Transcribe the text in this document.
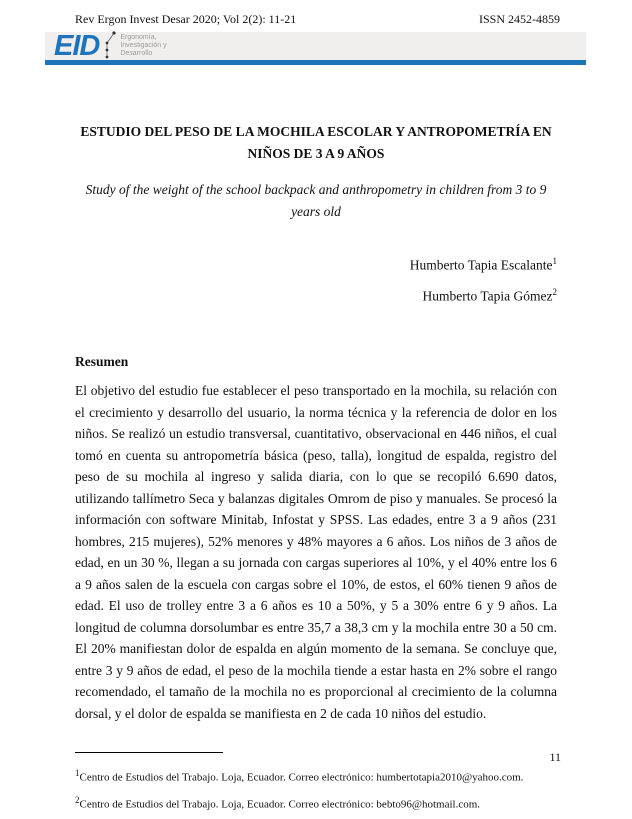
Rev Ergon Invest Desar 2020; Vol 2(2): 11-21	ISSN 2452-4859
EID	Ergonomía,
Investigación y
Desarrollo
ESTUDIO DEL PESO DE LA MOCHILA ESCOLAR Y ANTROPOMETRÍA EN NIÑOS DE 3 A 9 AÑOS
Study of the weight of the school backpack and anthropometry in children from 3 to 9 years old
Humberto Tapia Escalante$^1$
Humberto Tapia Gómez$^2$
Resumen
El objetivo del estudio fue establecer el peso transportado en la mochila, su relación con el crecimiento y desarrollo del usuario, la norma técnica y la referencia de dolor en los niños. Se realizó un estudio transversal, cuantitativo, observacional en 446 niños, el cual tomó en cuenta su antropometría básica (peso, talla), longitud de espalda, registro del peso de su mochila al ingreso y salida diaria, con lo que se recopiló 6.690 datos, utilizando tallímetro Seca y balanzas digitales Omrom de piso y manuales. Se procesó la información con software Minitab, Infostat y SPSS. Las edades, entre 3 a 9 años (231 hombres, 215 mujeres), 52% menores y 48% mayores a 6 años. Los niños de 3 años de edad, en un 30 %, llegan a su jornada con cargas superiores al 10%, y el 40% entre los 6 a 9 años salen de la escuela con cargas sobre el 10%, de estos, el 60% tienen 9 años de edad. El uso de trolley entre 3 a 6 años es 10 a 50%, y 5 a 30% entre 6 y 9 años. La longitud de columna dorsolumbar es entre 35,7 a 38,3 cm y la mochila entre 30 a 50 cm. El 20% manifiestan dolor de espalda en algún momento de la semana. Se concluye que, entre 3 y 9 años de edad, el peso de la mochila tiende a estar hasta en 2% sobre el rango recomendado, el tamaño de la mochila no es proporcional al crecimiento de la columna dorsal, y el dolor de espalda se manifiesta en 2 de cada 10 niños del estudio.
$^1$Centro de Estudios del Trabajo. Loja, Ecuador. Correo electrónico: humbertotapia2010@yahoo.com.
$^2$Centro de Estudios del Trabajo. Loja, Ecuador. Correo electrónico: bebto96@hotmail.com.
11
